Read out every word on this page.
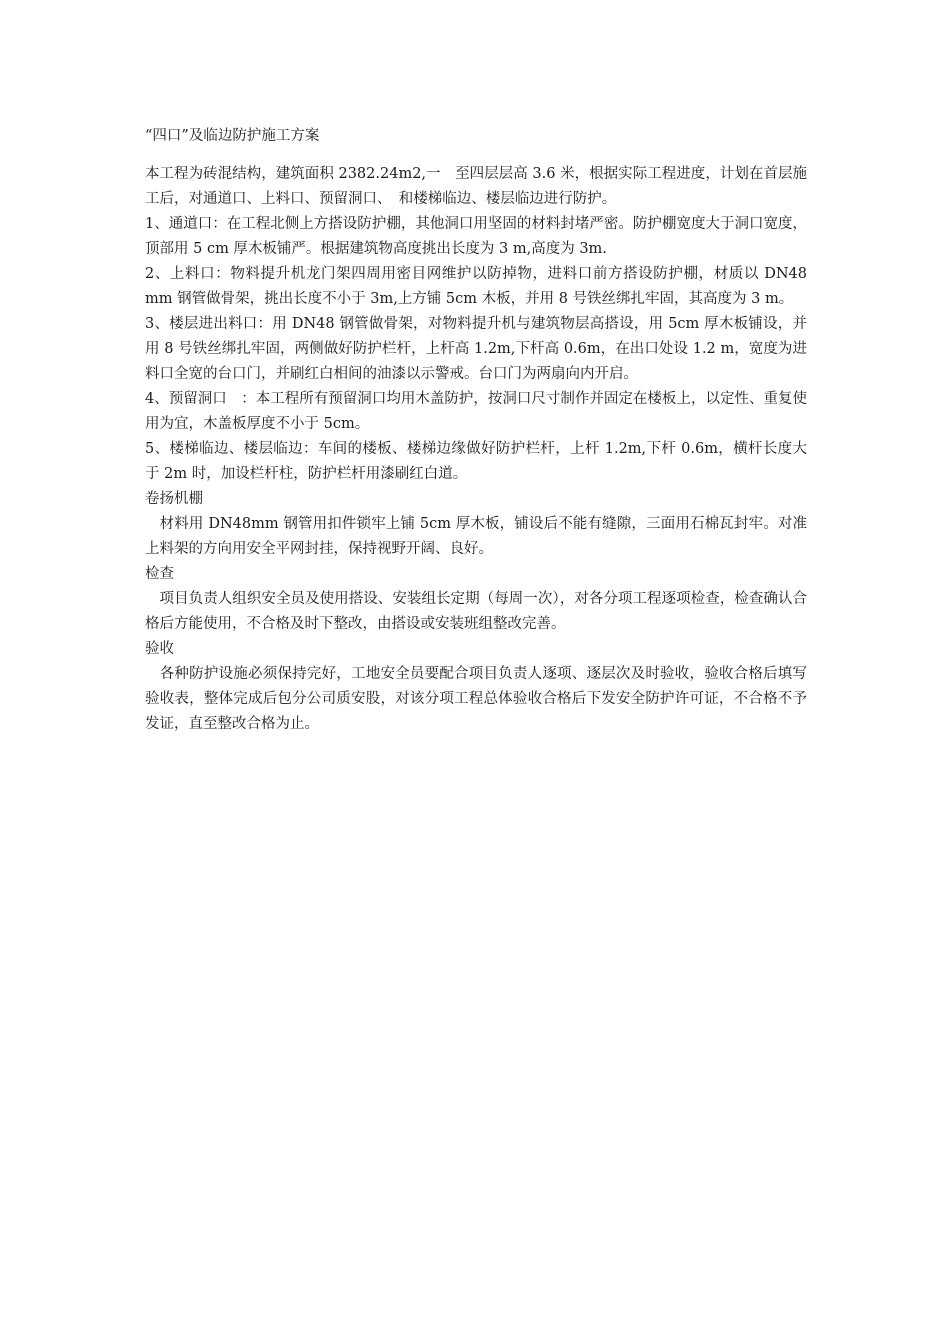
“四口”及临边防护施工方案

本工程为砖混结构，建筑面积 2382.24m2,一　至四层层高 3.6 米，根据实际工程进度，计划在首层施工后，对通道口、上料口、预留洞口、　和楼梯临边、楼层临边进行防护。

1、通道口：在工程北侧上方搭设防护棚，其他洞口用坚固的材料封堵严密。防护棚宽度大于洞口宽度，顶部用 5 cm 厚木板铺严。根据建筑物高度挑出长度为 3 m,高度为 3m.

2、上料口：物料提升机龙门架四周用密目网维护以防掉物，进料口前方搭设防护棚，材质以 DN48 mm 钢管做骨架，挑出长度不小于 3m,上方铺 5cm 木板，并用 8 号铁丝绑扎牢固，其高度为 3 m。

3、楼层进出料口：用 DN48 钢管做骨架，对物料提升机与建筑物层高搭设，用 5cm 厚木板铺设，并用 8 号铁丝绑扎牢固，两侧做好防护栏杆，上杆高 1.2m,下杆高 0.6m，在出口处设 1.2 m，宽度为进料口全宽的台口门，并刷红白相间的油漆以示警戒。台口门为两扇向内开启。

4、预留洞口　：本工程所有预留洞口均用木盖防护，按洞口尺寸制作并固定在楼板上，以定性、重复使用为宜，木盖板厚度不小于 5cm。

5、楼梯临边、楼层临边：车间的楼板、楼梯边缘做好防护栏杆，上杆 1.2m,下杆 0.6m，横杆长度大于 2m 时，加设栏杆柱，防护栏杆用漆刷红白道。

卷扬机棚

　材料用 DN48mm 钢管用扣件锁牢上铺 5cm 厚木板，铺设后不能有缝隙，三面用石棉瓦封牢。对准上料架的方向用安全平网封挂，保持视野开阔、良好。

检查

　项目负责人组织安全员及使用搭设、安装组长定期（每周一次），对各分项工程逐项检查，检查确认合格后方能使用，不合格及时下整改，由搭设或安装班组整改完善。

验收

　各种防护设施必须保持完好，工地安全员要配合项目负责人逐项、逐层次及时验收，验收合格后填写验收表，整体完成后包分公司质安股，对该分项工程总体验收合格后下发安全防护许可证，不合格不予发证，直至整改合格为止。
